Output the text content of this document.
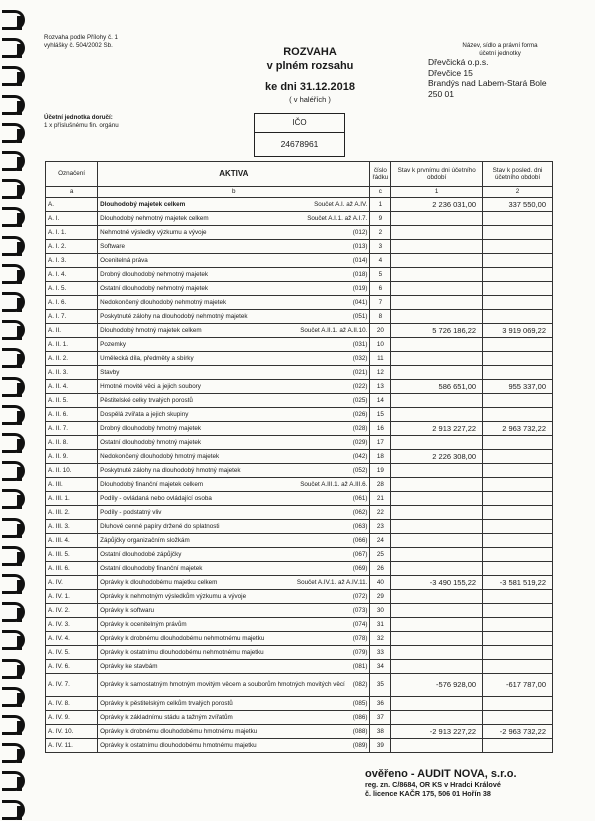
Rozvaha podle Přílohy č. 1
vyhlášky č. 504/2002 Sb.
ROZVAHA
v plném rozsahu
ke dni 31.12.2018
( v haléřích )
Název, sídlo a právní forma
účetní jednotky
Dřevčická o.p.s.
Dřevčice 15
Brandýs nad Labem-Stará Bole
250 01
Účetní jednotka doručí:
1 x příslušnému fin. orgánu	IČO
24678961
Označení	AKTIVA	číslo
řádku	Stav k prvnímu dni účetního období	Stav k posled. dni účetního období
a	b	c	1	2
A.	Dlouhodobý majetek celkem Součet A.I. až A.IV.	1	2 236 031,00	337 550,00
A. I.	Dlouhodobý nehmotný majetek celkem Součet A.I.1. až A.I.7.	9		
A. I. 1.	Nehmotné výsledky výzkumu a vývoje (012)	2		
A. I. 2.	Software (013)	3		
A. I. 3.	Ocenitelná práva (014)	4		
A. I. 4.	Drobný dlouhodobý nehmotný majetek (018)	5		
A. I. 5.	Ostatní dlouhodobý nehmotný majetek (019)	6		
A. I. 6.	Nedokončený dlouhodobý nehmotný majetek (041)	7		
A. I. 7.	Poskytnuté zálohy na dlouhodobý nehmotný majetek (051)	8		
A. II.	Dlouhodobý hmotný majetek celkem Součet A.II.1. až A.II.10.	20	5 726 186,22	3 919 069,22
A. II. 1.	Pozemky (031)	10		
A. II. 2.	Umělecká díla, předměty a sbírky (032)	11		
A. II. 3.	Stavby (021)	12		
A. II. 4.	Hmotné movité věci a jejich soubory (022)	13	586 651,00	955 337,00
A. II. 5.	Pěstitelské celky trvalých porostů (025)	14		
A. II. 6.	Dospělá zvířata a jejich skupiny (026)	15		
A. II. 7.	Drobný dlouhodobý hmotný majetek (028)	16	2 913 227,22	2 963 732,22
A. II. 8.	Ostatní dlouhodobý hmotný majetek (029)	17		
A. II. 9.	Nedokončený dlouhodobý hmotný majetek (042)	18	2 226 308,00	
A. II. 10.	Poskytnuté zálohy na dlouhodobý hmotný majetek (052)	19		
A. III.	Dlouhodobý finanční majetek celkem Součet A.III.1. až A.III.6.	28		
A. III. 1.	Podíly - ovládaná nebo ovládající osoba (061)	21		
A. III. 2.	Podíly - podstatný vliv (062)	22		
A. III. 3.	Dluhové cenné papíry držené do splatnosti (063)	23		
A. III. 4.	Zápůjčky organizačním složkám (066)	24		
A. III. 5.	Ostatní dlouhodobé zápůjčky (067)	25		
A. III. 6.	Ostatní dlouhodobý finanční majetek (069)	26		
A. IV.	Oprávky k dlouhodobému majetku celkem Součet A.IV.1. až A.IV.11.	40	-3 490 155,22	-3 581 519,22
A. IV. 1.	Oprávky k nehmotným výsledkům výzkumu a vývoje (072)	29		
A. IV. 2.	Oprávky k softwaru (073)	30		
A. IV. 3.	Oprávky k ocenitelným právům (074)	31		
A. IV. 4.	Oprávky k drobnému dlouhodobému nehmotnému majetku (078)	32		
A. IV. 5.	Oprávky k ostatnímu dlouhodobému nehmotnému majetku (079)	33		
A. IV. 6.	Oprávky ke stavbám (081)	34		
A. IV. 7.	Oprávky k samostatným hmotným movitým věcem a souborům hmotných movitých věcí (082)	35	-576 928,00	-617 787,00
A. IV. 8.	Oprávky k pěstitelským celkům trvalých porostů (085)	36		
A. IV. 9.	Oprávky k základnímu stádu a tažným zvířatům (086)	37		
A. IV. 10.	Oprávky k drobnému dlouhodobému hmotnému majetku (088)	38	-2 913 227,22	-2 963 732,22
A. IV. 11.	Oprávky k ostatnímu dlouhodobému hmotnému majetku (089)	39		
ověřeno - AUDIT NOVA, s.r.o.
reg. zn. C/8684, OR KS v Hradci Králové
č. licence KAČR 175, 506 01 Hořín 38
